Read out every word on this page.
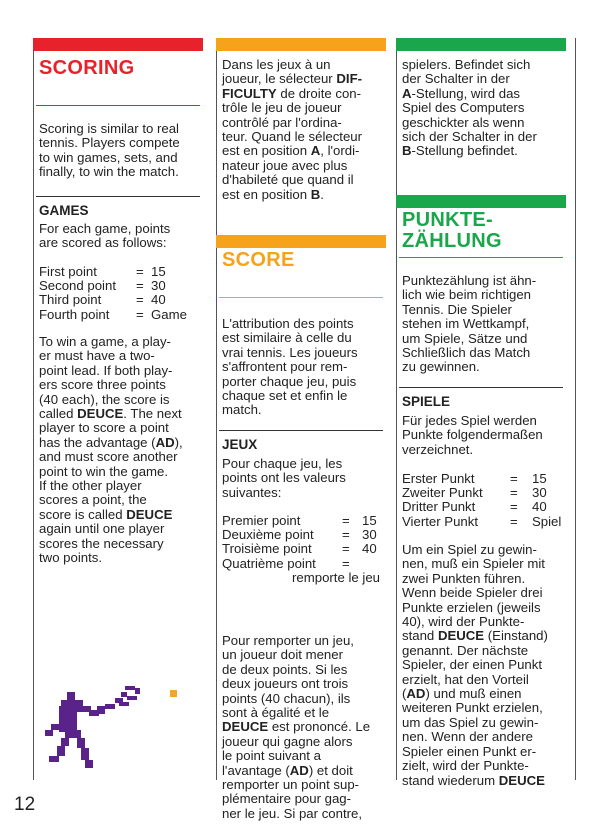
SCORING
Scoring is similar to real
tennis. Players compete
to win games, sets, and
finally, to win the match.
GAMES
For each game, points
are scored as follows:
First point	= 15
Second point	= 30
Third point	= 40
Fourth point	= Game
To win a game, a play-
er must have a two-
point lead. If both play-
ers score three points
(40 each), the score is
called DEUCE. The next
player to score a point
has the advantage (AD),
and must score another
point to win the game.
If the other player
scores a point, the
score is called DEUCE
again until one player
scores the necessary
two points.
Dans les jeux à un
joueur, le sélecteur DIF-
FICULTY de droite con-
trôle le jeu de joueur
contrôlé par l'ordina-
teur. Quand le sélecteur
est en position A, l'ordi-
nateur joue avec plus
d'habileté que quand il
est en position B.
SCORE
L'attribution des points
est similaire à celle du
vrai tennis. Les joueurs
s'affrontent pour rem-
porter chaque jeu, puis
chaque set et enfin le
match.
JEUX
Pour chaque jeu, les
points ont les valeurs
suivantes:
Premier point	= 15
Deuxième point	= 30
Troisième point	= 40
Quatrième point	=
remporte le jeu
Pour remporter un jeu,
un joueur doit mener
de deux points. Si les
deux joueurs ont trois
points (40 chacun), ils
sont à égalité et le
DEUCE est prononcé. Le
joueur qui gagne alors
le point suivant a
l'avantage (AD) et doit
remporter un point sup-
plémentaire pour gag-
ner le jeu. Si par contre,
spielers. Befindet sich
der Schalter in der
A-Stellung, wird das
Spiel des Computers
geschickter als wenn
sich der Schalter in der
B-Stellung befindet.
PUNKTE-
ZÄHLUNG
Punktezählung ist ähn-
lich wie beim richtigen
Tennis. Die Spieler
stehen im Wettkampf,
um Spiele, Sätze und
Schließlich das Match
zu gewinnen.
SPIELE
Für jedes Spiel werden
Punkte folgendermaßen
verzeichnet.
Erster Punkt	=	15
Zweiter Punkt	=	30
Dritter Punkt	=	40
Vierter Punkt	=	Spiel
Um ein Spiel zu gewin-
nen, muß ein Spieler mit
zwei Punkten führen.
Wenn beide Spieler drei
Punkte erzielen (jeweils
40), wird der Punkte-
stand DEUCE (Einstand)
genannt. Der nächste
Spieler, der einen Punkt
erzielt, hat den Vorteil
(AD) und muß einen
weiteren Punkt erzielen,
um das Spiel zu gewin-
nen. Wenn der andere
Spieler einen Punkt er-
zielt, wird der Punkte-
stand wiederum DEUCE
12
